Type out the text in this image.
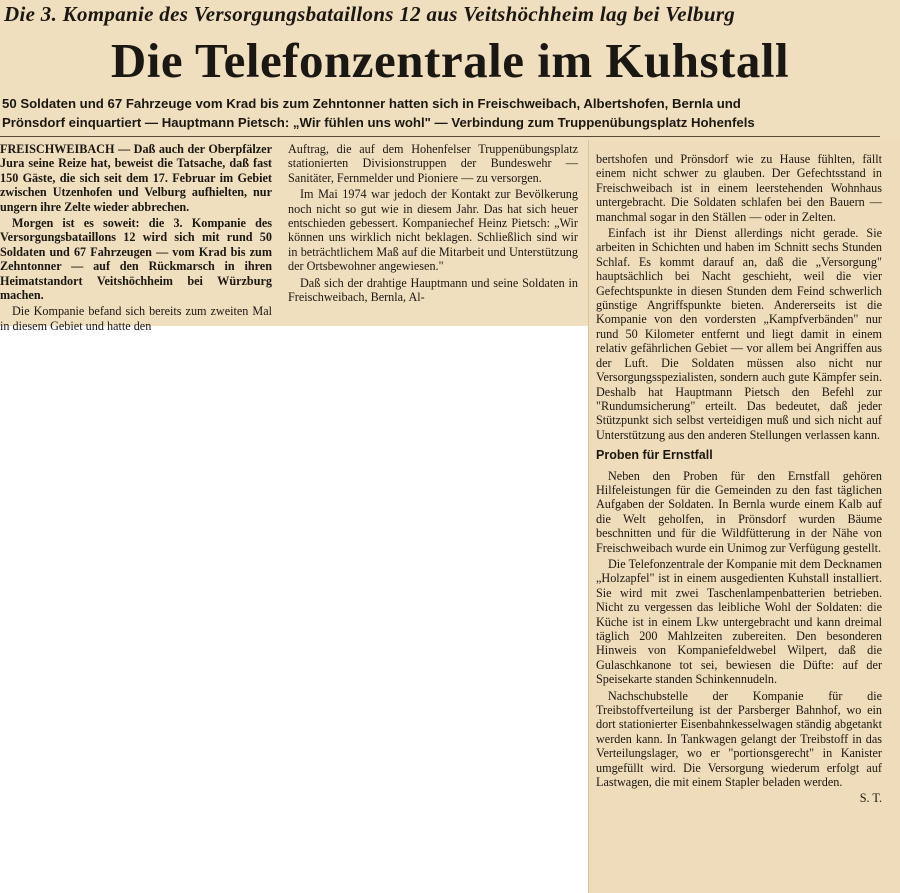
Die 3. Kompanie des Versorgungsbataillons 12 aus Veitshöchheim lag bei Velburg
Die Telefonzentrale im Kuhstall
50 Soldaten und 67 Fahrzeuge vom Krad bis zum Zehntonner hatten sich in Freischweibach, Albertshofen, Bernla und
Prönsdorf einquartiert — Hauptmann Pietsch: „Wir fühlen uns wohl" — Verbindung zum Truppenübungsplatz Hohenfels

FREISCHWEIBACH — Daß auch der Oberpfälzer Jura seine Reize hat, beweist die Tatsache, daß fast 150 Gäste, die sich seit dem 17. Februar im Gebiet zwischen Utzenhofen und Velburg aufhielten, nur ungern ihre Zelte wieder abbrechen.

Morgen ist es soweit: die 3. Kompanie des Versorgungsbataillons 12 wird sich mit rund 50 Soldaten und 67 Fahrzeugen — vom Krad bis zum Zehntonner — auf den Rückmarsch in ihren Heimatstandort Veitshöchheim bei Würzburg machen.

Die Kompanie befand sich bereits zum zweiten Mal in diesem Gebiet und hatte den

Auftrag, die auf dem Hohenfelser Truppenübungsplatz stationierten Divisionstruppen der Bundeswehr — Sanitäter, Fernmelder und Pioniere — zu versorgen.

Im Mai 1974 war jedoch der Kontakt zur Bevölkerung noch nicht so gut wie in diesem Jahr. Das hat sich heuer entschieden gebessert. Kompaniechef Heinz Pietsch: „Wir können uns wirklich nicht beklagen. Schließlich sind wir in beträchtlichem Maß auf die Mitarbeit und Unterstützung der Ortsbewohner angewiesen."

Daß sich der drahtige Hauptmann und seine Soldaten in Freischweibach, Bernla, Al-

bertshofen und Prönsdorf wie zu Hause fühlten, fällt einem nicht schwer zu glauben. Der Gefechtsstand in Freischweibach ist in einem leerstehenden Wohnhaus untergebracht. Die Soldaten schlafen bei den Bauern — manchmal sogar in den Ställen — oder in Zelten.

Einfach ist ihr Dienst allerdings nicht gerade. Sie arbeiten in Schichten und haben im Schnitt sechs Stunden Schlaf. Es kommt darauf an, daß die „Versorgung" hauptsächlich bei Nacht geschieht, weil die vier Gefechtspunkte in diesen Stunden dem Feind schwerlich günstige Angriffspunkte bieten. Andererseits ist die Kompanie von den vordersten „Kampfverbänden" nur rund 50 Kilometer entfernt und liegt damit in einem relativ gefährlichen Gebiet — vor allem bei Angriffen aus der Luft. Die Soldaten müssen also nicht nur Versorgungsspezialisten, sondern auch gute Kämpfer sein. Deshalb hat Hauptmann Pietsch den Befehl zur "Rundumsicherung" erteilt. Das bedeutet, daß jeder Stützpunkt sich selbst verteidigen muß und sich nicht auf Unterstützung aus den anderen Stellungen verlassen kann.

Proben für Ernstfall

Neben den Proben für den Ernstfall gehören Hilfeleistungen für die Gemeinden zu den fast täglichen Aufgaben der Soldaten. In Bernla wurde einem Kalb auf die Welt geholfen, in Prönsdorf wurden Bäume beschnitten und für die Wildfütterung in der Nähe von Freischweibach wurde ein Unimog zur Verfügung gestellt.

Die Telefonzentrale der Kompanie mit dem Decknamen „Holzapfel" ist in einem ausgedienten Kuhstall installiert. Sie wird mit zwei Taschenlampenbatterien betrieben. Nicht zu vergessen das leibliche Wohl der Soldaten: die Küche ist in einem Lkw untergebracht und kann dreimal täglich 200 Mahlzeiten zubereiten. Den besonderen Hinweis von Kompaniefeldwebel Wilpert, daß die Gulaschkanone tot sei, bewiesen die Düfte: auf der Speisekarte standen Schinkennudeln.

Nachschubstelle der Kompanie für die Treibstoffverteilung ist der Parsberger Bahnhof, wo ein dort stationierter Eisenbahnkesselwagen ständig abgetankt werden kann. In Tankwagen gelangt der Treibstoff in das Verteilungslager, wo er "portionsgerecht" in Kanister umgefüllt wird. Die Versorgung wiederum erfolgt auf Lastwagen, die mit einem Stapler beladen werden.

S. T.
